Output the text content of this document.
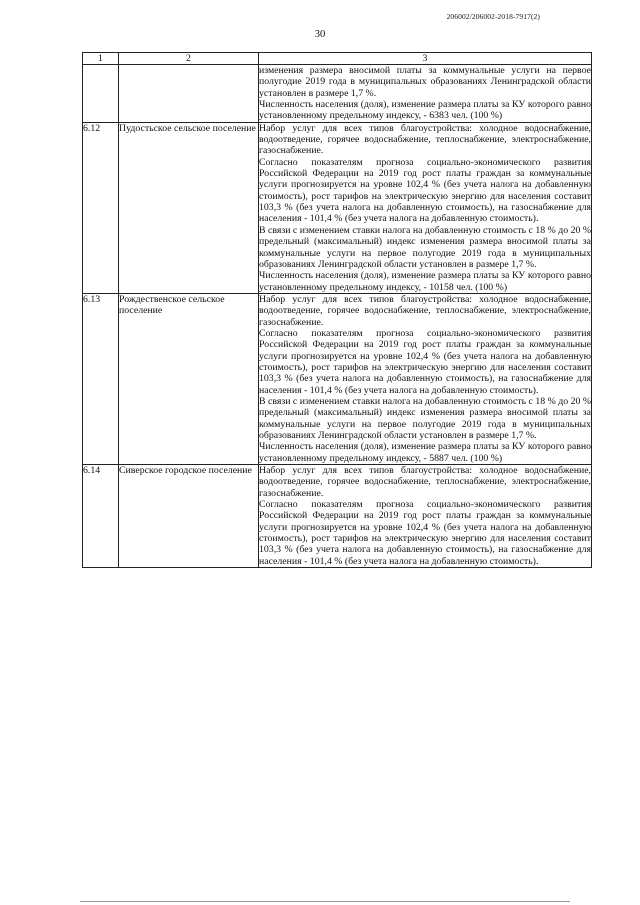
206002/206002-2018-7917(2)
30
1	2	3

		изменения размера вносимой платы за коммунальные услуги на первое полугодие 2019 года в муниципальных образованиях Ленинградской области установлен в размере 1,7 %.
Численность населения (доля), изменение размера платы за КУ которого равно установленному предельному индексу, - 6383 чел. (100 %)

6.12	Пудостьское сельское поселение	Набор услуг для всех типов благоустройства: холодное водоснабжение, водоотведение, горячее водоснабжение, теплоснабжение, электроснабжение, газоснабжение.
Согласно показателям прогноза социально-экономического развития Российской Федерации на 2019 год рост платы граждан за коммунальные услуги прогнозируется на уровне 102,4 % (без учета налога на добавленную стоимость), рост тарифов на электрическую энергию для населения составит 103,3 % (без учета налога на добавленную стоимость), на газоснабжение для населения - 101,4 % (без учета налога на добавленную стоимость).
В связи с изменением ставки налога на добавленную стоимость с 18 % до 20 % предельный (максимальный) индекс изменения размера вносимой платы за коммунальные услуги на первое полугодие 2019 года в муниципальных образованиях Ленинградской области установлен в размере 1,7 %.
Численность населения (доля), изменение размера платы за КУ которого равно установленному предельному индексу, - 10158 чел. (100 %)

6.13	Рождественское сельское поселение	Набор услуг для всех типов благоустройства: холодное водоснабжение, водоотведение, горячее водоснабжение, теплоснабжение, электроснабжение, газоснабжение.
Согласно показателям прогноза социально-экономического развития Российской Федерации на 2019 год рост платы граждан за коммунальные услуги прогнозируется на уровне 102,4 % (без учета налога на добавленную стоимость), рост тарифов на электрическую энергию для населения составит 103,3 % (без учета налога на добавленную стоимость), на газоснабжение для населения - 101,4 % (без учета налога на добавленную стоимость).
В связи с изменением ставки налога на добавленную стоимость с 18 % до 20 % предельный (максимальный) индекс изменения размера вносимой платы за коммунальные услуги на первое полугодие 2019 года в муниципальных образованиях Ленинградской области установлен в размере 1,7 %.
Численность населения (доля), изменение размера платы за КУ которого равно установленному предельному индексу, - 5887 чел. (100 %)

6.14	Сиверское городское поселение	Набор услуг для всех типов благоустройства: холодное водоснабжение, водоотведение, горячее водоснабжение, теплоснабжение, электроснабжение, газоснабжение.
Согласно показателям прогноза социально-экономического развития Российской Федерации на 2019 год рост платы граждан за коммунальные услуги прогнозируется на уровне 102,4 % (без учета налога на добавленную стоимость), рост тарифов на электрическую энергию для населения составит 103,3 % (без учета налога на добавленную стоимость), на газоснабжение для населения - 101,4 % (без учета налога на добавленную стоимость).
